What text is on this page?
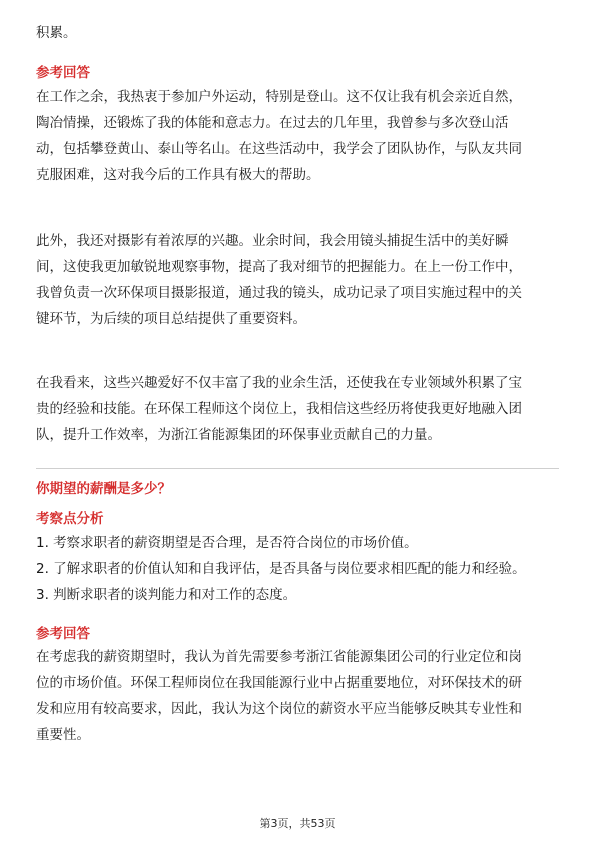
积累。

参考回答
在工作之余，我热衷于参加户外运动，特别是登山。这不仅让我有机会亲近自然，
陶冶情操，还锻炼了我的体能和意志力。在过去的几年里，我曾参与多次登山活
动，包括攀登黄山、泰山等名山。在这些活动中，我学会了团队协作，与队友共同
克服困难，这对我今后的工作具有极大的帮助。
此外，我还对摄影有着浓厚的兴趣。业余时间，我会用镜头捕捉生活中的美好瞬
间，这使我更加敏锐地观察事物，提高了我对细节的把握能力。在上一份工作中，
我曾负责一次环保项目摄影报道，通过我的镜头，成功记录了项目实施过程中的关
键环节，为后续的项目总结提供了重要资料。
在我看来，这些兴趣爱好不仅丰富了我的业余生活，还使我在专业领域外积累了宝
贵的经验和技能。在环保工程师这个岗位上，我相信这些经历将使我更好地融入团
队，提升工作效率，为浙江省能源集团的环保事业贡献自己的力量。
你期望的薪酬是多少？
考察点分析
1. 考察求职者的薪资期望是否合理，是否符合岗位的市场价值。
2. 了解求职者的价值认知和自我评估，是否具备与岗位要求相匹配的能力和经验。
3. 判断求职者的谈判能力和对工作的态度。
参考回答
在考虑我的薪资期望时，我认为首先需要参考浙江省能源集团公司的行业定位和岗
位的市场价值。环保工程师岗位在我国能源行业中占据重要地位，对环保技术的研
发和应用有较高要求，因此，我认为这个岗位的薪资水平应当能够反映其专业性和
重要性。
第3页，共53页
